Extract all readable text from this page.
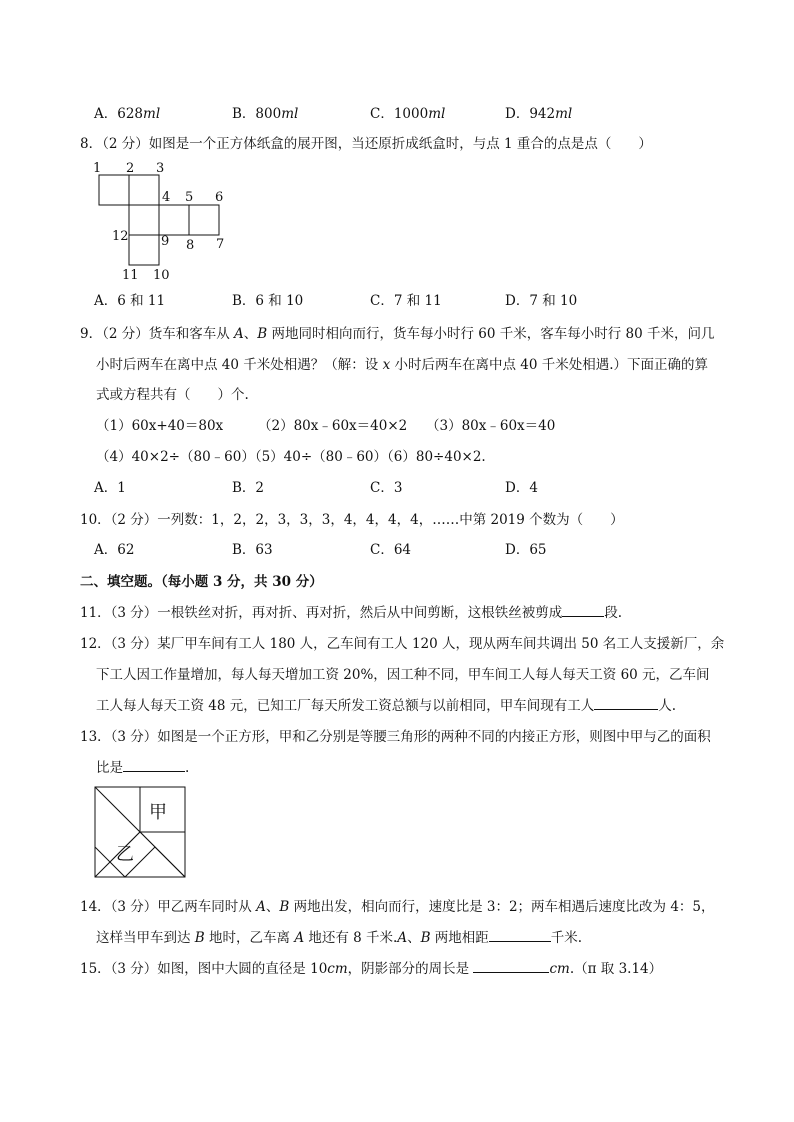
A．628ml	B．800ml	C．1000ml	D．942ml
8．（2 分）如图是一个正方体纸盒的展开图，当还原折成纸盒时，与点 1 重合的点是点（　　）
1 2 3
4 5 6
7
8
9
10
11
12
A．6 和 11	B．6 和 10	C．7 和 11	D．7 和 10
9．（2 分）货车和客车从 A、B 两地同时相向而行，货车每小时行 60 千米，客车每小时行 80 千米，问几
小时后两车在离中点 40 千米处相遇？（解：设 x 小时后两车在离中点 40 千米处相遇.）下面正确的算
式或方程共有（　　）个.
（1）60x+40＝80x	（2）80x﹣60x＝40×2 （3）80x﹣60x＝40
（4）40×2÷（80﹣60）（5）40÷（80﹣60）（6）80÷40×2.
A．1	B．2	C．3	D．4
10．（2 分）一列数：1，2，2，3，3，3，4，4，4，4，……中第 2019 个数为（　　）
A．62	B．63	C．64	D．65
二、填空题。（每小题 3 分，共 30 分）
11．（3 分）一根铁丝对折，再对折、再对折，然后从中间剪断，这根铁丝被剪成	段.
12．（3 分）某厂甲车间有工人 180 人，乙车间有工人 120 人，现从两车间共调出 50 名工人支援新厂，余
下工人因工作量增加，每人每天增加工资 20%，因工种不同，甲车间工人每人每天工资 60 元，乙车间
工人每人每天工资 48 元，已知工厂每天所发工资总额与以前相同，甲车间现有工人	人.
13．（3 分）如图是一个正方形，甲和乙分别是等腰三角形的两种不同的内接正方形，则图中甲与乙的面积
比是	.
甲
乙
14．（3 分）甲乙两车同时从 A、B 两地出发，相向而行，速度比是 3：2；两车相遇后速度比改为 4：5，
这样当甲车到达 B 地时，乙车离 A 地还有 8 千米.A、B 两地相距	千米.
15．（3 分）如图，图中大圆的直径是 10cm，阴影部分的周长是	cm.（π 取 3.14）
